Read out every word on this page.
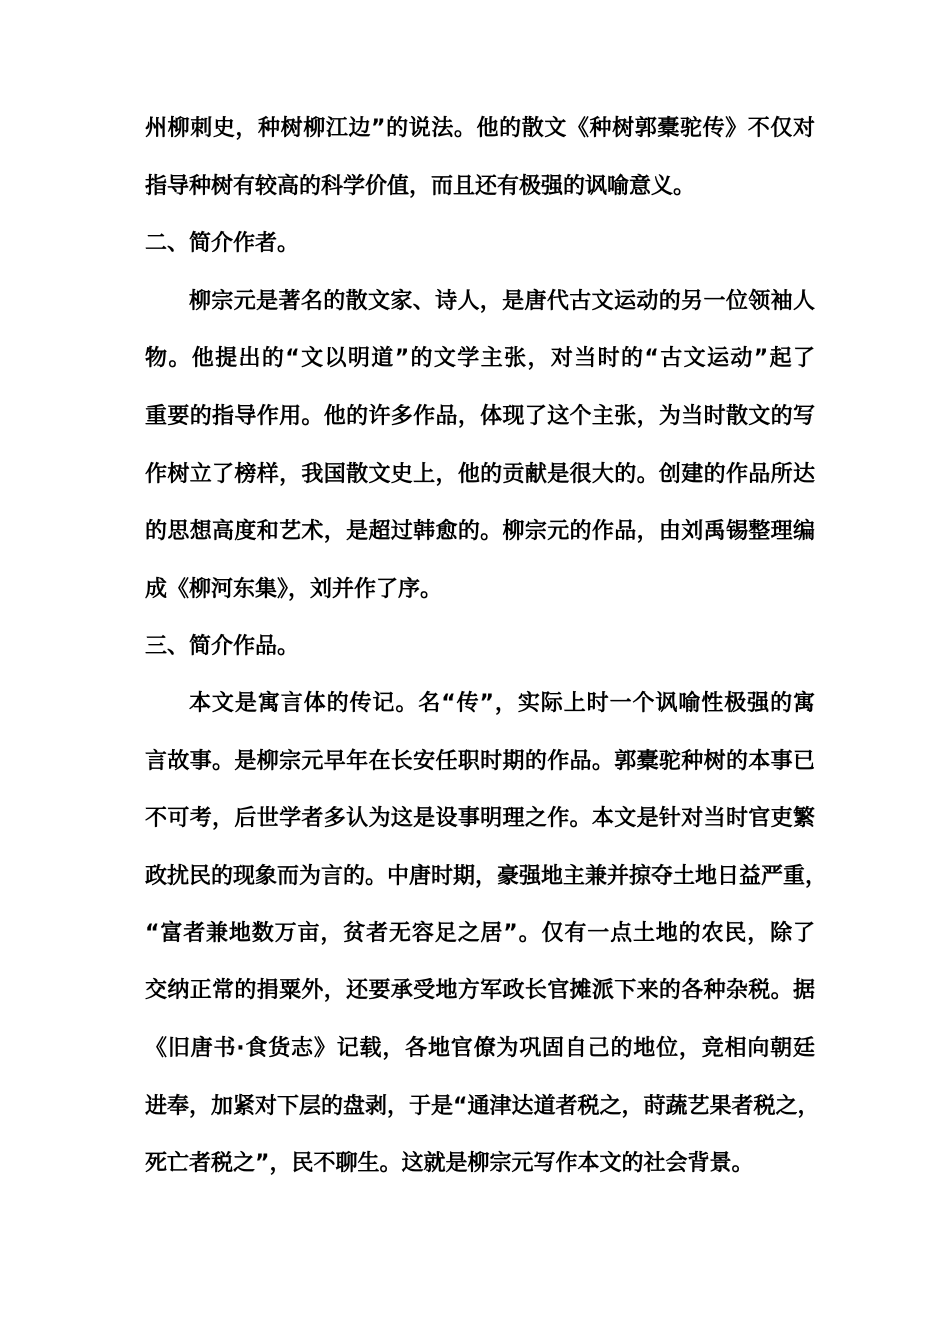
州柳刺史，种树柳江边”的说法。他的散文《种树郭橐驼传》不仅对
指导种树有较高的科学价值，而且还有极强的讽喻意义。
二、简介作者。
柳宗元是著名的散文家、诗人，是唐代古文运动的另一位领袖人
物。他提出的“文以明道”的文学主张，对当时的“古文运动”起了
重要的指导作用。他的许多作品，体现了这个主张，为当时散文的写
作树立了榜样，我国散文史上，他的贡献是很大的。创建的作品所达
的思想高度和艺术，是超过韩愈的。柳宗元的作品，由刘禹锡整理编
成《柳河东集》，刘并作了序。
三、简介作品。
本文是寓言体的传记。名“传”，实际上时一个讽喻性极强的寓
言故事。是柳宗元早年在长安任职时期的作品。郭橐驼种树的本事已
不可考，后世学者多认为这是设事明理之作。本文是针对当时官吏繁
政扰民的现象而为言的。中唐时期，豪强地主兼并掠夺土地日益严重，
“富者兼地数万亩，贫者无容足之居”。仅有一点土地的农民，除了
交纳正常的捐粟外，还要承受地方军政长官摊派下来的各种杂税。据
《旧唐书·食货志》记载，各地官僚为巩固自己的地位，竞相向朝廷
进奉，加紧对下层的盘剥，于是“通津达道者税之，莳蔬艺果者税之，
死亡者税之”，民不聊生。这就是柳宗元写作本文的社会背景。
